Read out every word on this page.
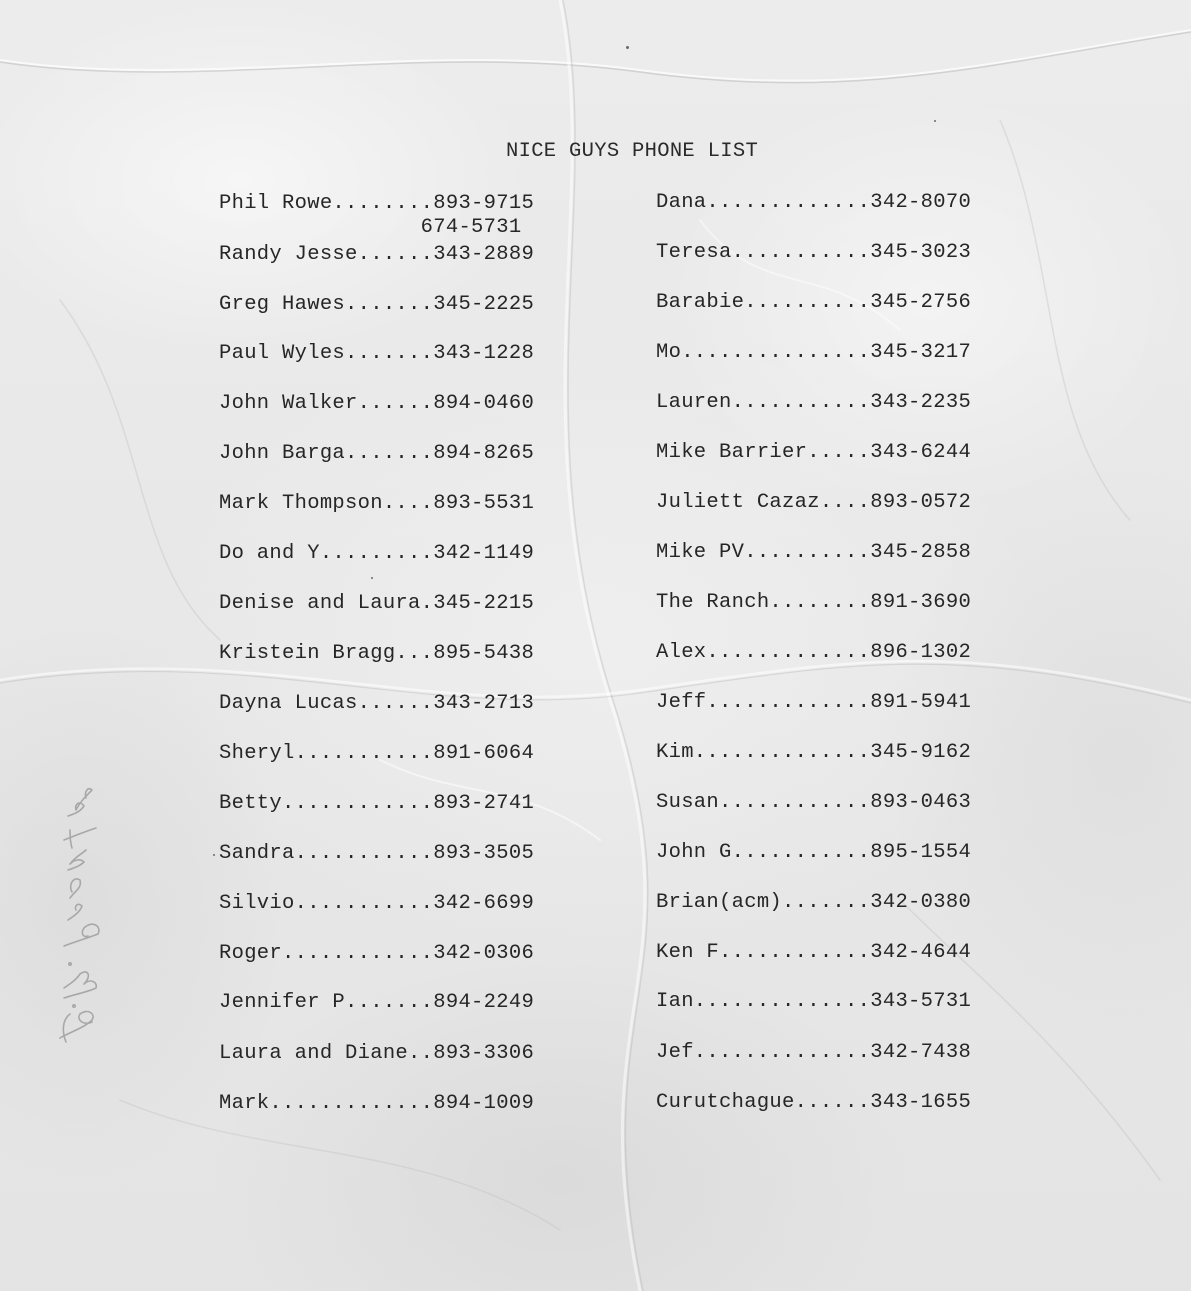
NICE GUYS PHONE LIST
Phil Rowe........893-9715
674-5731
Randy Jesse......343-2889
Greg Hawes.......345-2225
Paul Wyles.......343-1228
John Walker......894-0460
John Barga.......894-8265
Mark Thompson....893-5531
Do and Y.........342-1149
Denise and Laura.345-2215
Kristein Bragg...895-5438
Dayna Lucas......343-2713
Sheryl...........891-6064
Betty............893-2741
Sandra...........893-3505
Silvio...........342-6699
Roger............342-0306
Jennifer P.......894-2249
Laura and Diane..893-3306
Mark.............894-1009
Dana.............342-8070
Teresa...........345-3023
Barabie..........345-2756
Mo...............345-3217
Lauren...........343-2235
Mike Barrier.....343-6244
Juliett Cazaz....893-0572
Mike PV..........345-2858
The Ranch........891-3690
Alex.............896-1302
Jeff.............891-5941
Kim..............345-9162
Susan............893-0463
John G...........895-1554
Brian(acm).......342-0380
Ken F............342-4644
Ian..............343-5731
Jef..............342-7438
Curutchague......343-1655
